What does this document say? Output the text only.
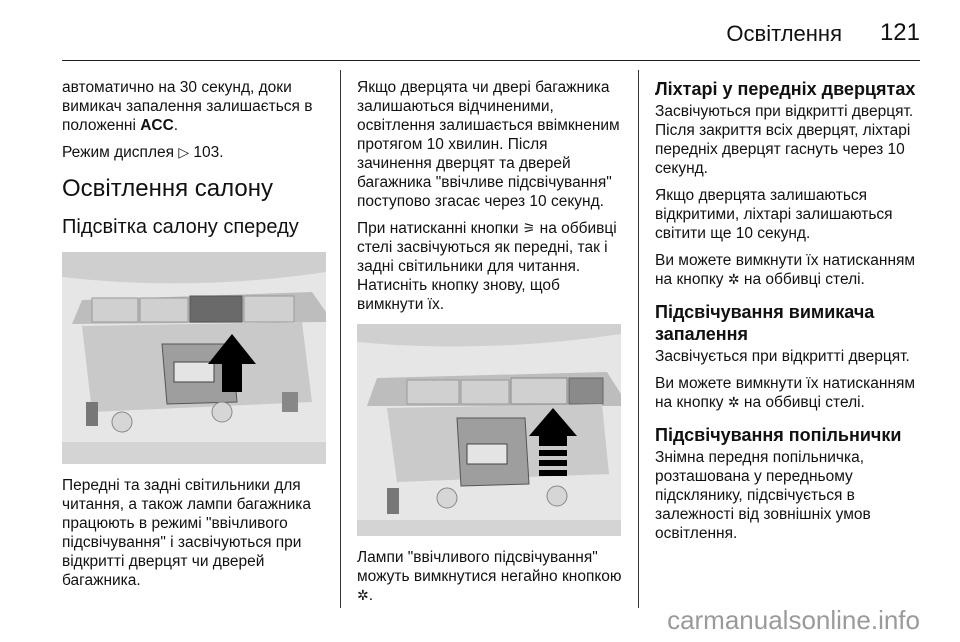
Освітлення 121

автоматично на 30 секунд, доки вимикач запалення залишається в положенні ACC.

Режим дисплея ▷ 103.

Освітлення салону
Підсвітка салону спереду

Передні та задні світильники для читання, а також лампи багажника працюють в режимі "ввічливого підсвічування" і засвічуються при відкритті дверцят чи дверей багажника.

Якщо дверцята чи двері багажника залишаються відчиненими, освітлення залишається ввімкненим протягом 10 хвилин. Після зачинення дверцят та дверей багажника "ввічливе підсвічування" поступово згасає через 10 секунд.

При натисканні кнопки ⚞ на оббивці стелі засвічуються як передні, так і задні світильники для читання. Натисніть кнопку знову, щоб вимкнути їх.

Лампи "ввічливого підсвічування" можуть вимкнутися негайно кнопкою ✲.

Ліхтарі у передніх дверцятах

Засвічуються при відкритті дверцят. Після закриття всіх дверцят, ліхтарі передніх дверцят гаснуть через 10 секунд.

Якщо дверцята залишаються відкритими, ліхтарі залишаються світити ще 10 секунд.

Ви можете вимкнути їх натисканням на кнопку ✲ на оббивці стелі.

Підсвічування вимикача запалення

Засвічується при відкритті дверцят.

Ви можете вимкнути їх натисканням на кнопку ✲ на оббивці стелі.

Підсвічування попільнички

Знімна передня попільничка, розташована у передньому підсклянику, підсвічується в залежності від зовнішніх умов освітлення.

carmanualsonline.info
